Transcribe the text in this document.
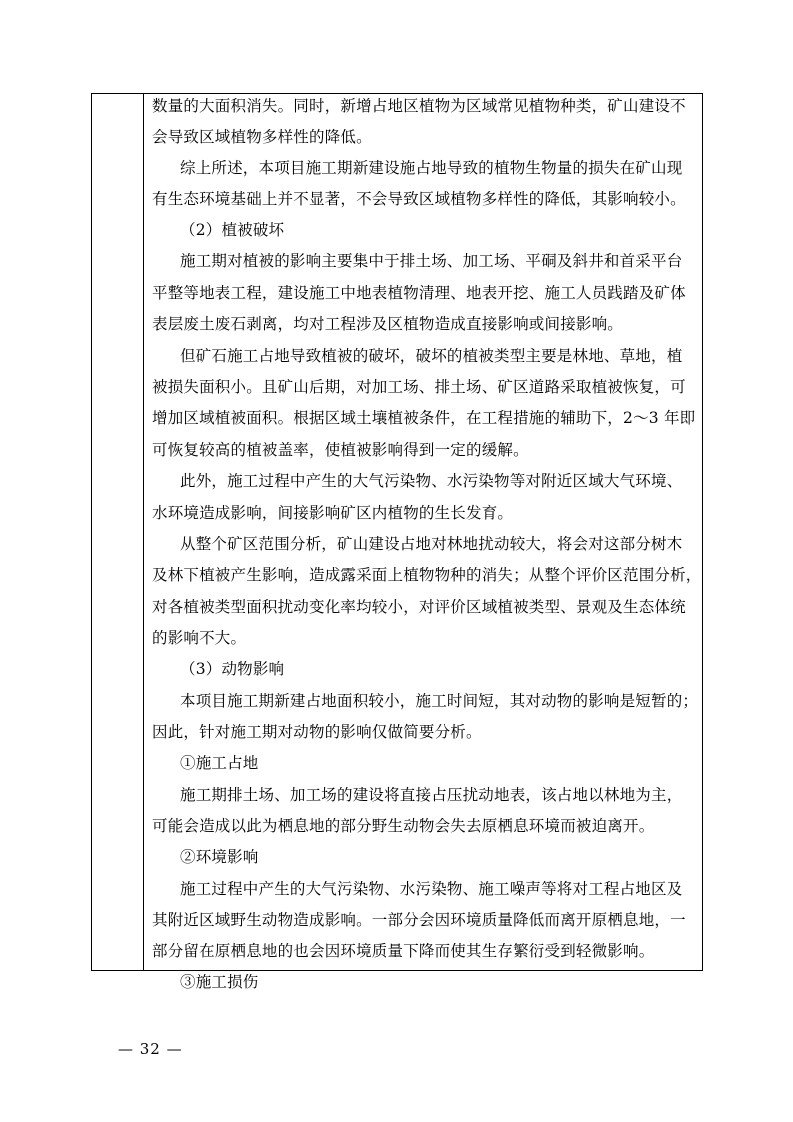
数量的大面积消失。同时，新增占地区植物为区域常见植物种类，矿山建设不
会导致区域植物多样性的降低。
综上所述，本项目施工期新建设施占地导致的植物生物量的损失在矿山现
有生态环境基础上并不显著，不会导致区域植物多样性的降低，其影响较小。
（2）植被破坏
施工期对植被的影响主要集中于排土场、加工场、平硐及斜井和首采平台
平整等地表工程，建设施工中地表植物清理、地表开挖、施工人员践踏及矿体
表层废土废石剥离，均对工程涉及区植物造成直接影响或间接影响。
但矿石施工占地导致植被的破坏，破坏的植被类型主要是林地、草地，植
被损失面积小。且矿山后期，对加工场、排土场、矿区道路采取植被恢复，可
增加区域植被面积。根据区域土壤植被条件，在工程措施的辅助下，2～3 年即
可恢复较高的植被盖率，使植被影响得到一定的缓解。
此外，施工过程中产生的大气污染物、水污染物等对附近区域大气环境、
水环境造成影响，间接影响矿区内植物的生长发育。
从整个矿区范围分析，矿山建设占地对林地扰动较大，将会对这部分树木
及林下植被产生影响，造成露采面上植物物种的消失；从整个评价区范围分析，
对各植被类型面积扰动变化率均较小，对评价区域植被类型、景观及生态体统
的影响不大。
（3）动物影响
本项目施工期新建占地面积较小，施工时间短，其对动物的影响是短暂的；
因此，针对施工期对动物的影响仅做简要分析。
①施工占地
施工期排土场、加工场的建设将直接占压扰动地表，该占地以林地为主，
可能会造成以此为栖息地的部分野生动物会失去原栖息环境而被迫离开。
②环境影响
施工过程中产生的大气污染物、水污染物、施工噪声等将对工程占地区及
其附近区域野生动物造成影响。一部分会因环境质量降低而离开原栖息地，一
部分留在原栖息地的也会因环境质量下降而使其生存繁衍受到轻微影响。
③施工损伤
— 32 —
